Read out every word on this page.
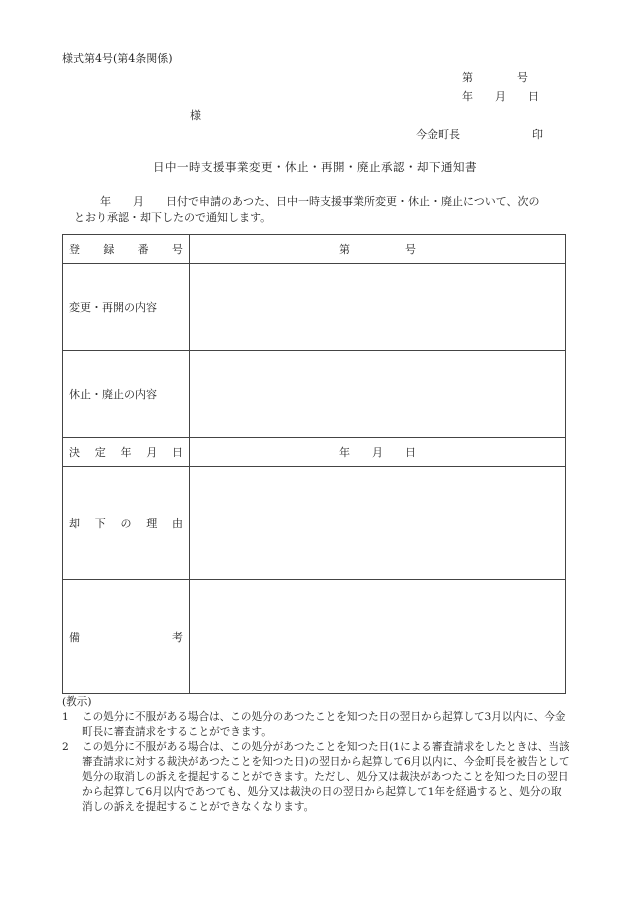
様式第4号(第4条関係)
第　　　　号
年　　月　　日
様
今金町長	印
日中一時支援事業変更・休止・再開・廃止承認・却下通知書
年　　月　　日付で申請のあつた、日中一時支援事業所変更・休止・廃止について、次の
とおり承認・却下したので通知します。
登 録 番 号	第　　　　　号
変更・再開の内容	
休止・廃止の内容	

決 定 年 月 日	年　　月　　日

却 下 の 理 由	

備 考	

(教示)
1 この処分に不服がある場合は、この処分のあつたことを知つた日の翌日から起算して3月以内に、今金町長に審査請求をすることができます。
2 この処分に不服がある場合は、この処分があつたことを知つた日(1による審査請求をしたときは、当該審査請求に対する裁決があつたことを知つた日)の翌日から起算して6月以内に、今金町長を被告として処分の取消しの訴えを提起することができます。ただし、処分又は裁決があつたことを知つた日の翌日から起算して6月以内であつても、処分又は裁決の日の翌日から起算して1年を経過すると、処分の取消しの訴えを提起することができなくなります。
